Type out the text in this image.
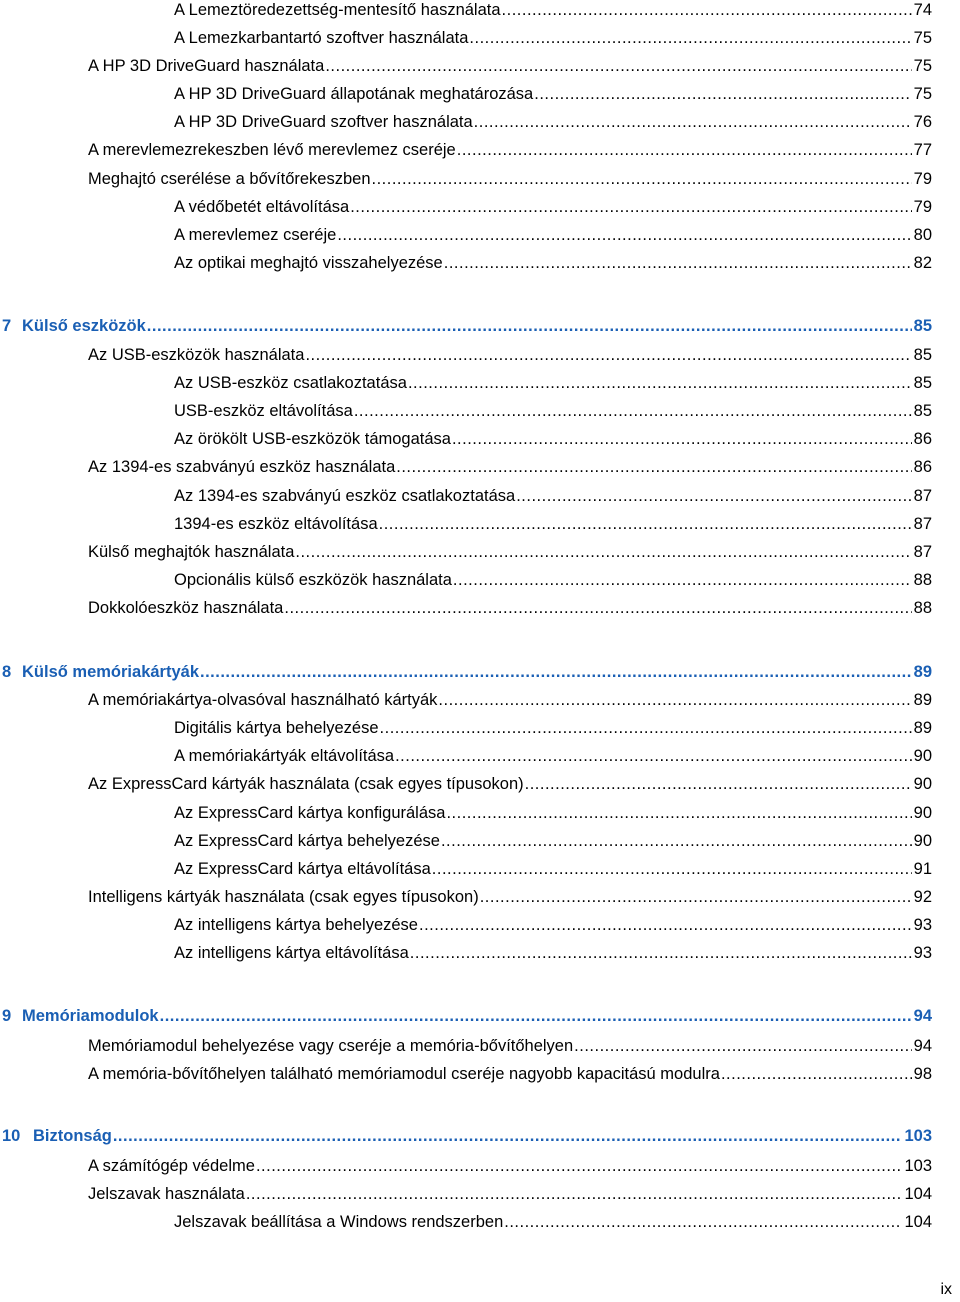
A Lemeztöredezettség-mentesítő használata .....	74
A Lemezkarbantartó szoftver használata .....	75
A HP 3D DriveGuard használata .....	75
A HP 3D DriveGuard állapotának meghatározása .....	75
A HP 3D DriveGuard szoftver használata .....	76
A merevlemezrekeszben lévő merevlemez cseréje .....	77
Meghajtó cserélése a bővítőrekeszben .....	79
A védőbetét eltávolítása .....	79
A merevlemez cseréje .....	80
Az optikai meghajtó visszahelyezése .....	82
7 Külső eszközök .....	85
Az USB-eszközök használata .....	85
Az USB-eszköz csatlakoztatása .....	85
USB-eszköz eltávolítása .....	85
Az örökölt USB-eszközök támogatása .....	86
Az 1394-es szabványú eszköz használata .....	86
Az 1394-es szabványú eszköz csatlakoztatása .....	87
1394-es eszköz eltávolítása .....	87
Külső meghajtók használata .....	87
Opcionális külső eszközök használata .....	88
Dokkolóeszköz használata .....	88
8 Külső memóriakártyák .....	89
A memóriakártya-olvasóval használható kártyák .....	89
Digitális kártya behelyezése .....	89
A memóriakártyák eltávolítása .....	90
Az ExpressCard kártyák használata (csak egyes típusokon) .....	90
Az ExpressCard kártya konfigurálása .....	90
Az ExpressCard kártya behelyezése .....	90
Az ExpressCard kártya eltávolítása .....	91
Intelligens kártyák használata (csak egyes típusokon) .....	92
Az intelligens kártya behelyezése .....	93
Az intelligens kártya eltávolítása .....	93
9 Memóriamodulok .....	94
Memóriamodul behelyezése vagy cseréje a memória-bővítőhelyen .....	94
A memória-bővítőhelyen található memóriamodul cseréje nagyobb kapacitású modulra .....	98
10 Biztonság .....	103
A számítógép védelme .....	103
Jelszavak használata .....	104
Jelszavak beállítása a Windows rendszerben .....	104
ix
